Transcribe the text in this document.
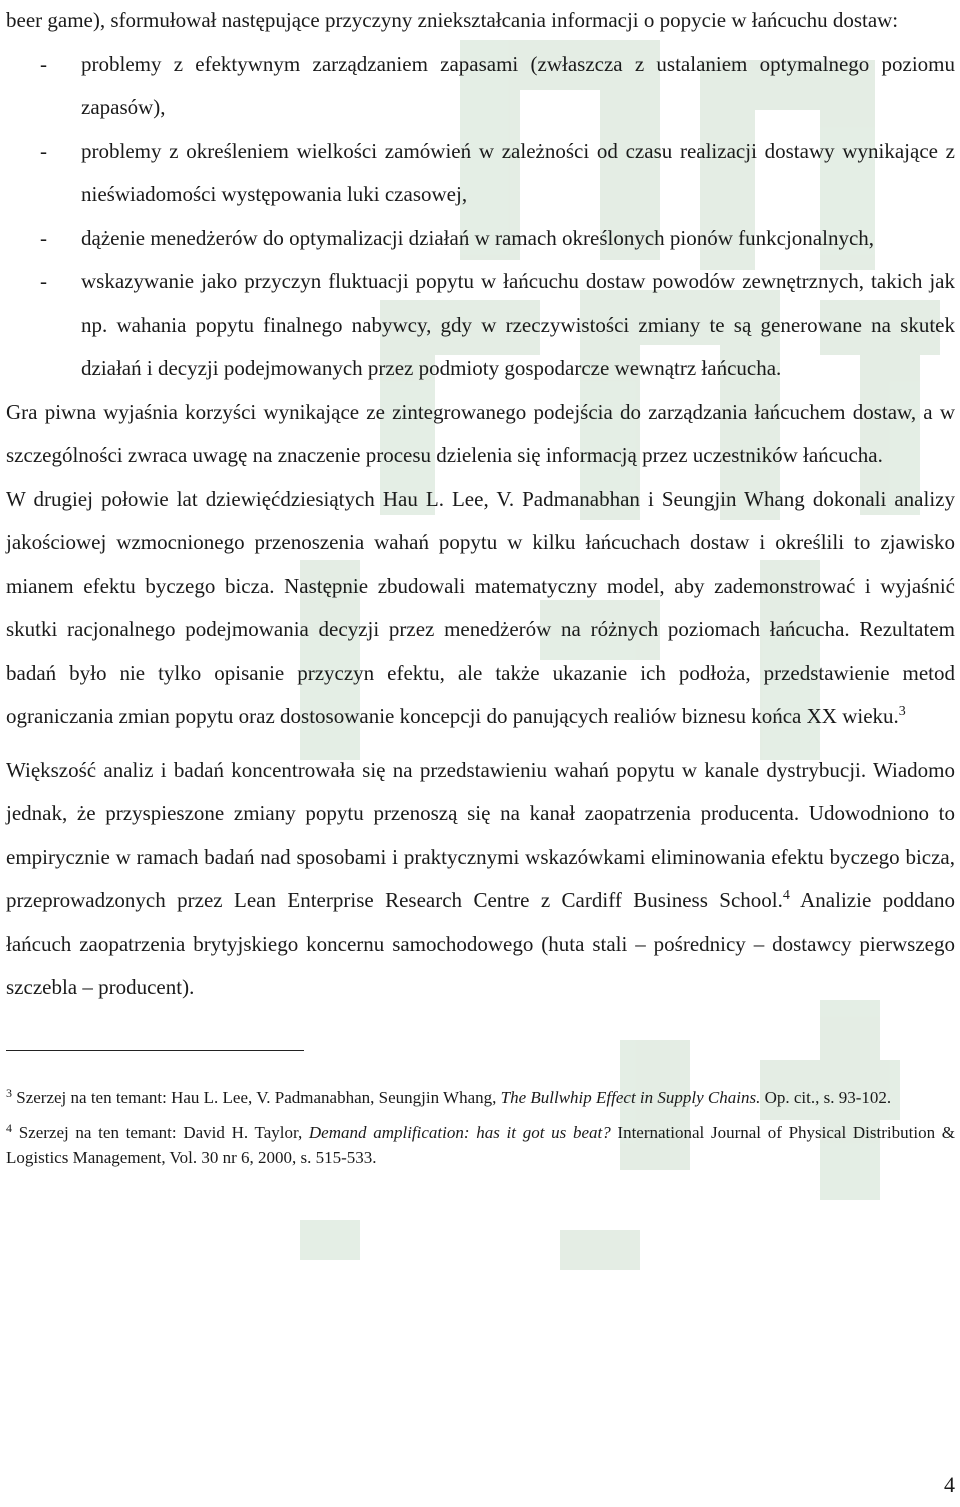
beer game), sformułował następujące przyczyny zniekształcania informacji o popycie w łańcuchu dostaw:

- problemy z efektywnym zarządzaniem zapasami (zwłaszcza z ustalaniem optymalnego poziomu zapasów),
- problemy z określeniem wielkości zamówień w zależności od czasu realizacji dostawy wynikające z nieświadomości występowania luki czasowej,
- dążenie menedżerów do optymalizacji działań w ramach określonych pionów funkcjonalnych,
- wskazywanie jako przyczyn fluktuacji popytu w łańcuchu dostaw powodów zewnętrznych, takich jak np. wahania popytu finalnego nabywcy, gdy w rzeczywistości zmiany te są generowane na skutek działań i decyzji podejmowanych przez podmioty gospodarcze wewnątrz łańcucha.

Gra piwna wyjaśnia korzyści wynikające ze zintegrowanego podejścia do zarządzania łańcuchem dostaw, a w szczególności zwraca uwagę na znaczenie procesu dzielenia się informacją przez uczestników łańcucha.

W drugiej połowie lat dziewięćdziesiątych Hau L. Lee, V. Padmanabhan i Seungjin Whang dokonali analizy jakościowej wzmocnionego przenoszenia wahań popytu w kilku łańcuchach dostaw i określili to zjawisko mianem efektu byczego bicza. Następnie zbudowali matematyczny model, aby zademonstrować i wyjaśnić skutki racjonalnego podejmowania decyzji przez menedżerów na różnych poziomach łańcucha. Rezultatem badań było nie tylko opisanie przyczyn efektu, ale także ukazanie ich podłoża, przedstawienie metod ograniczania zmian popytu oraz dostosowanie koncepcji do panujących realiów biznesu końca XX wieku.$^3$

Większość analiz i badań koncentrowała się na przedstawieniu wahań popytu w kanale dystrybucji. Wiadomo jednak, że przyspieszone zmiany popytu przenoszą się na kanał zaopatrzenia producenta. Udowodniono to empirycznie w ramach badań nad sposobami i praktycznymi wskazówkami eliminowania efektu byczego bicza, przeprowadzonych przez Lean Enterprise Research Centre z Cardiff Business School.$^4$ Analizie poddano łańcuch zaopatrzenia brytyjskiego koncernu samochodowego (huta stali – pośrednicy – dostawcy pierwszego szczebla – producent).

$^3$ Szerzej na ten temant: Hau L. Lee, V. Padmanabhan, Seungjin Whang, The Bullwhip Effect in Supply Chains. Op. cit., s. 93-102.

$^4$ Szerzej na ten temant: David H. Taylor, Demand amplification: has it got us beat? International Journal of Physical Distribution & Logistics Management, Vol. 30 nr 6, 2000, s. 515-533.

4
